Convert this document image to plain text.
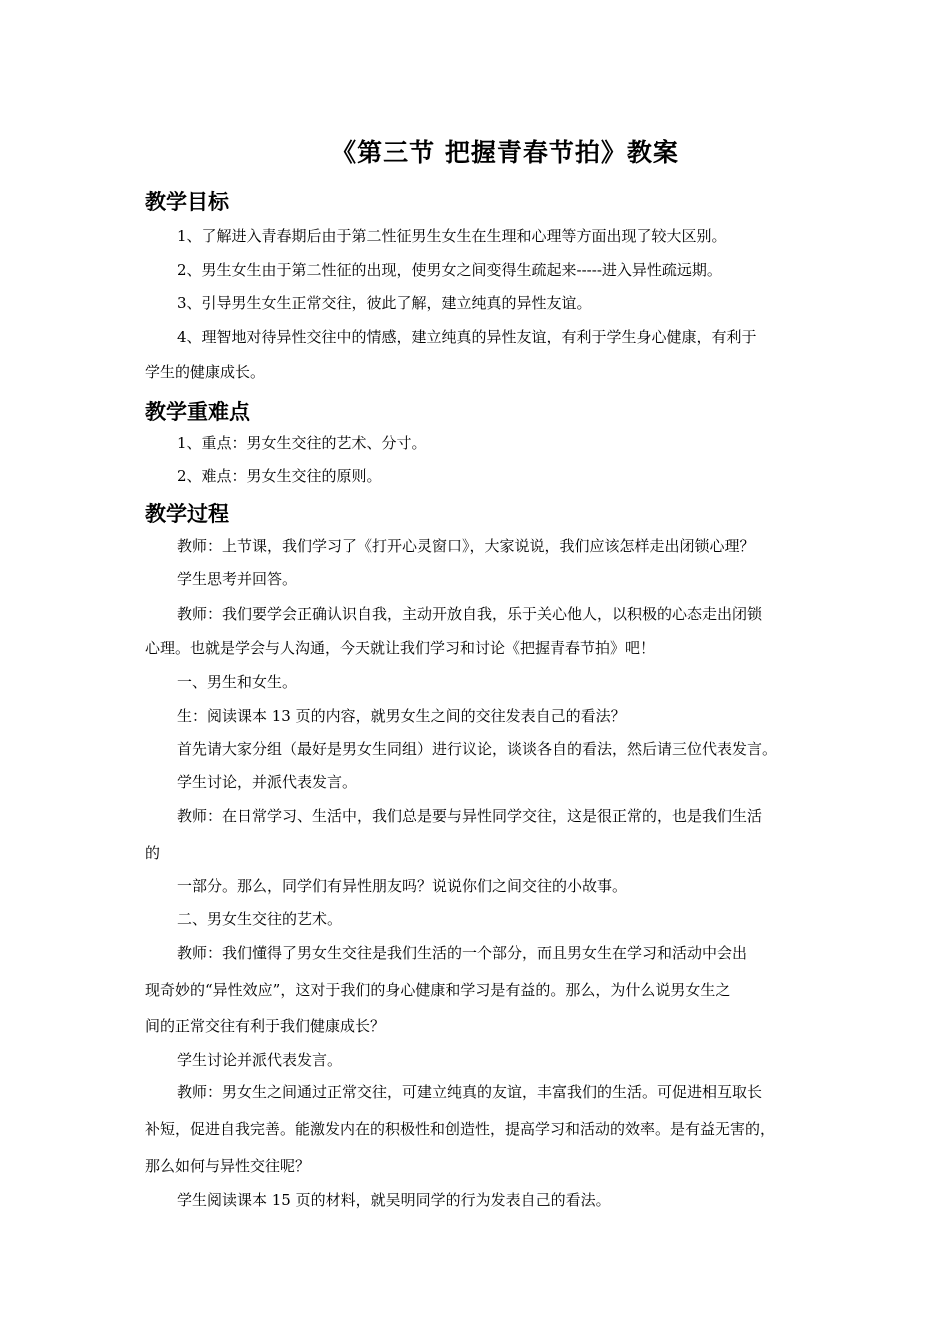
《第三节 把握青春节拍》教案
教学目标
1、了解进入青春期后由于第二性征男生女生在生理和心理等方面出现了较大区别。
2、男生女生由于第二性征的出现，使男女之间变得生疏起来-----进入异性疏远期。
3、引导男生女生正常交往，彼此了解，建立纯真的异性友谊。
4、理智地对待异性交往中的情感，建立纯真的异性友谊，有利于学生身心健康，有利于
学生的健康成长。
教学重难点
1、重点：男女生交往的艺术、分寸。
2、难点：男女生交往的原则。
教学过程
教师：上节课，我们学习了《打开心灵窗口》，大家说说，我们应该怎样走出闭锁心理？
学生思考并回答。
教师：我们要学会正确认识自我，主动开放自我，乐于关心他人，以积极的心态走出闭锁
心理。也就是学会与人沟通，今天就让我们学习和讨论《把握青春节拍》吧！
一、男生和女生。
生：阅读课本 13 页的内容，就男女生之间的交往发表自己的看法？
首先请大家分组（最好是男女生同组）进行议论，谈谈各自的看法，然后请三位代表发言。
学生讨论，并派代表发言。
教师：在日常学习、生活中，我们总是要与异性同学交往，这是很正常的，也是我们生活
的
一部分。那么，同学们有异性朋友吗？说说你们之间交往的小故事。
二、男女生交往的艺术。
教师：我们懂得了男女生交往是我们生活的一个部分，而且男女生在学习和活动中会出
现奇妙的“异性效应”，这对于我们的身心健康和学习是有益的。那么，为什么说男女生之
间的正常交往有利于我们健康成长？
学生讨论并派代表发言。
教师：男女生之间通过正常交往，可建立纯真的友谊，丰富我们的生活。可促进相互取长
补短，促进自我完善。能激发内在的积极性和创造性，提高学习和活动的效率。是有益无害的，
那么如何与异性交往呢？
学生阅读课本 15 页的材料，就吴明同学的行为发表自己的看法。
